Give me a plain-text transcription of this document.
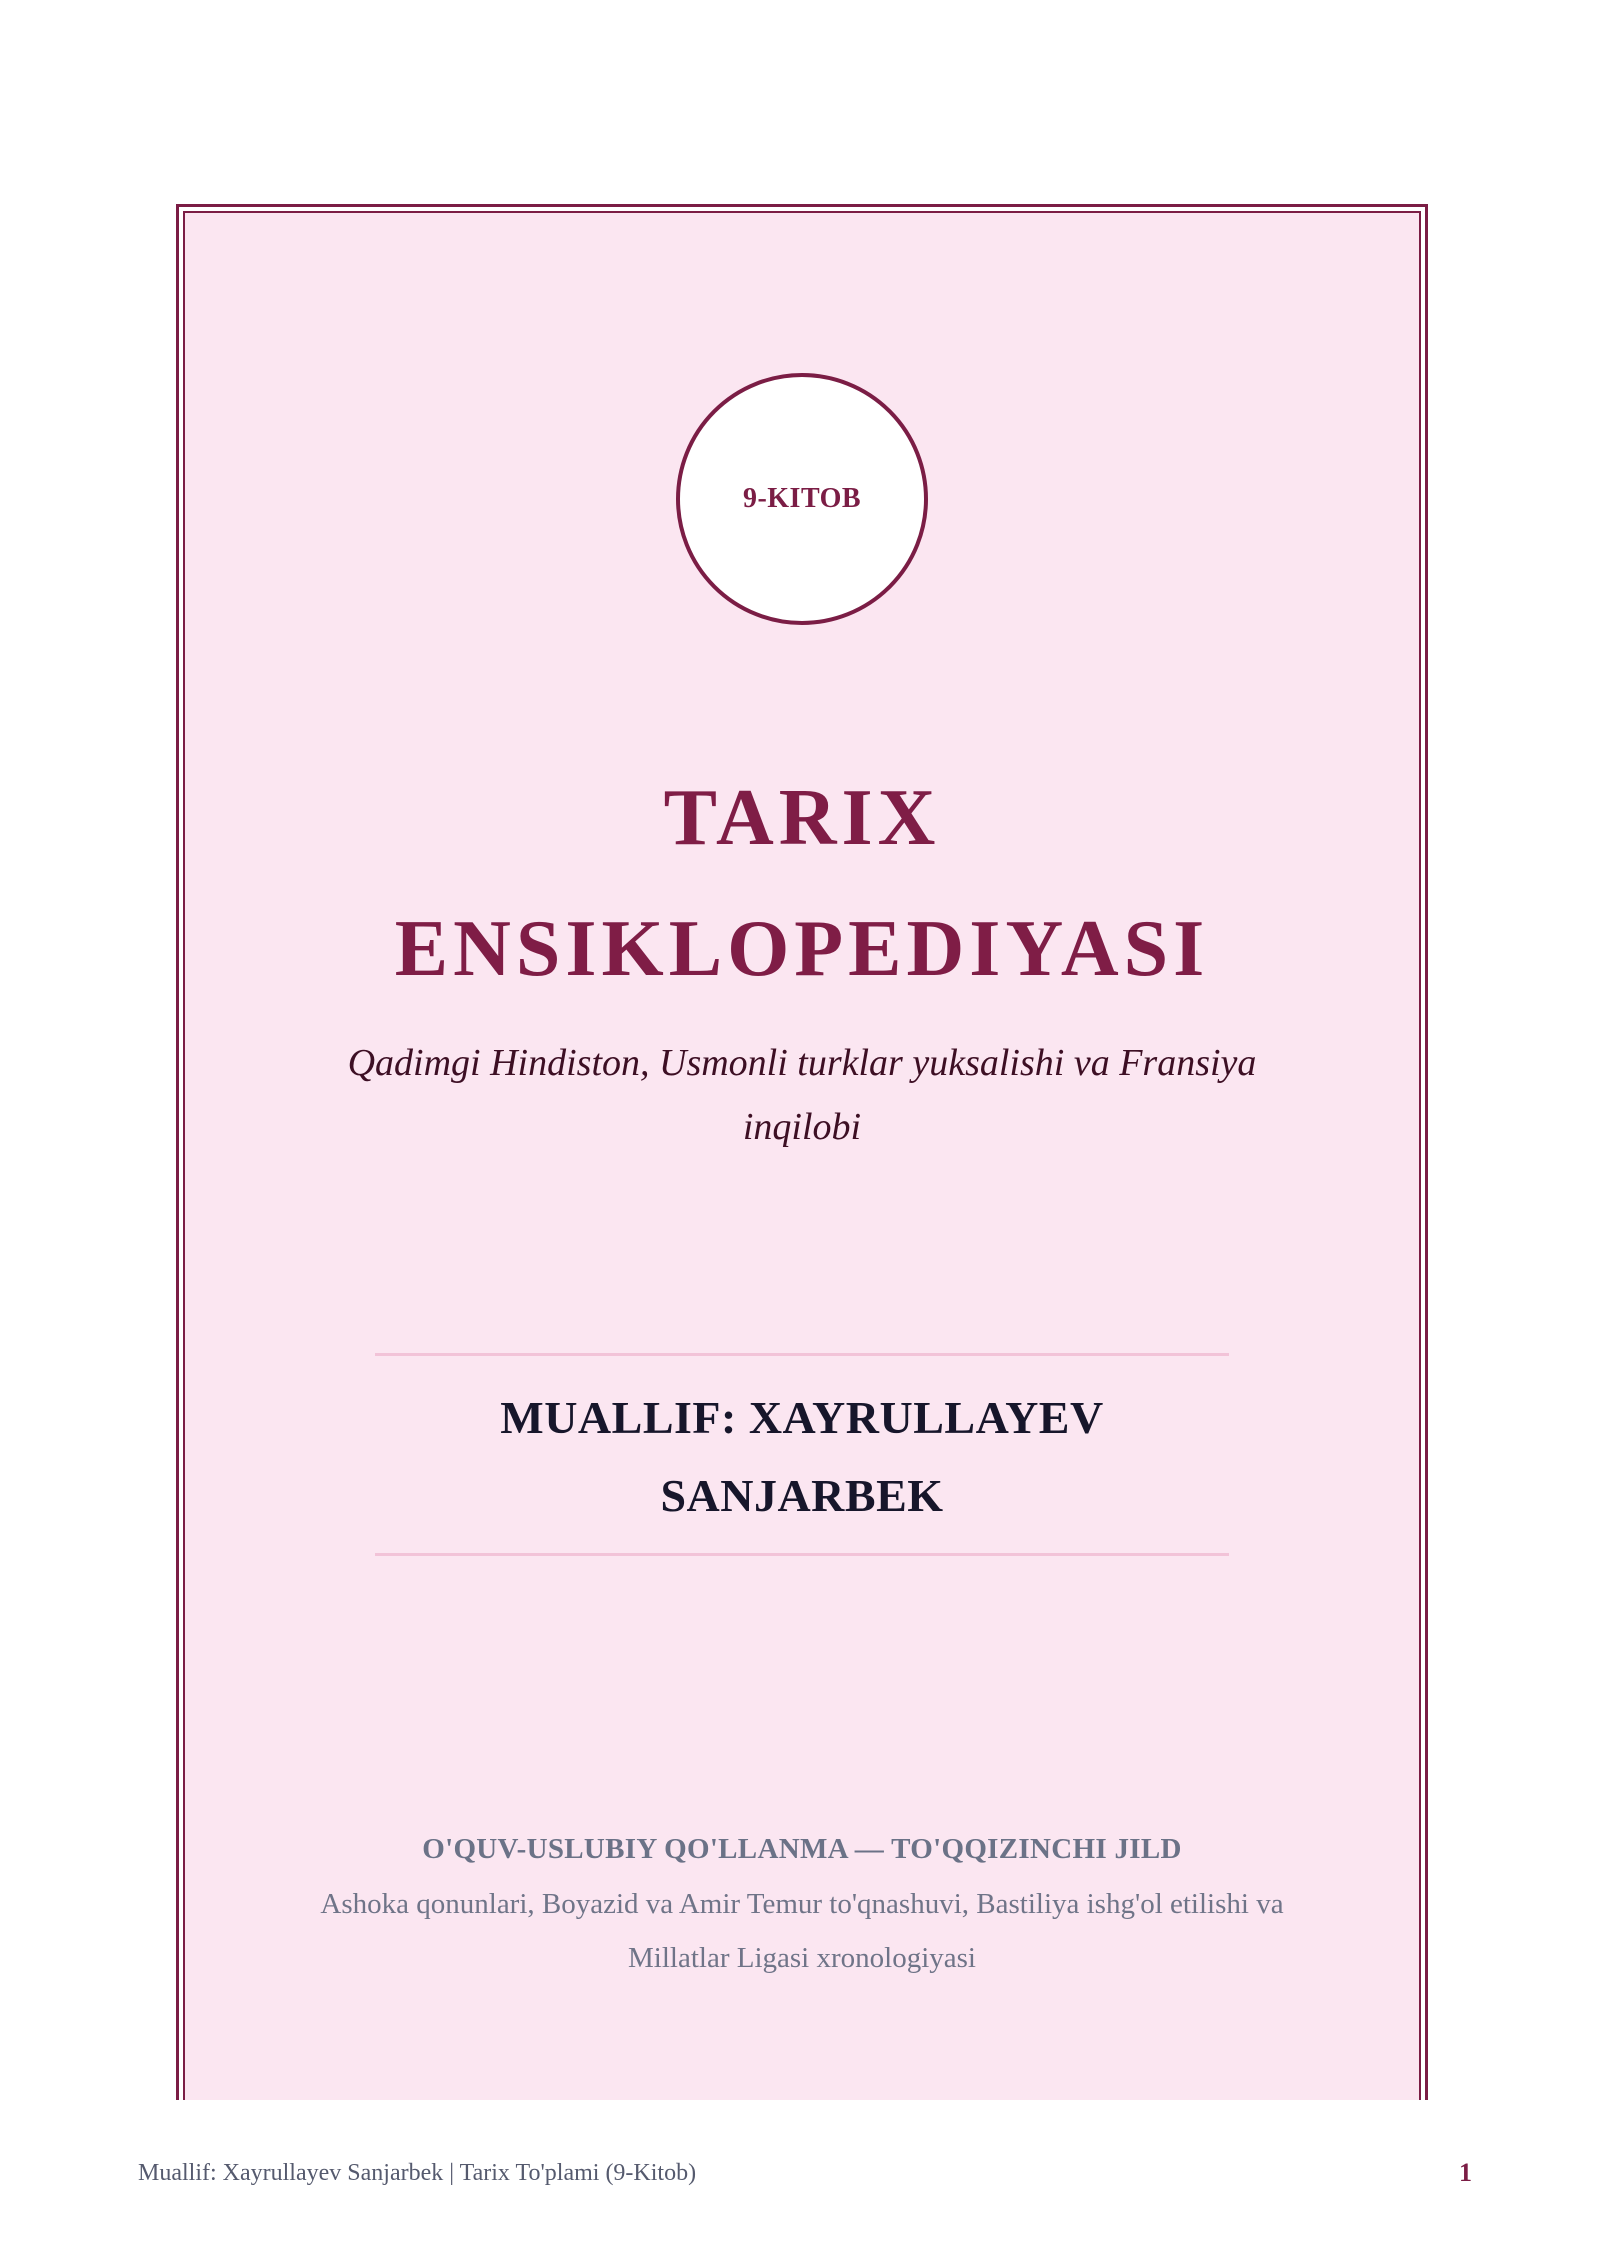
9-KITOB
TARIX
ENSIKLOPEDIYASI
Qadimgi Hindiston, Usmonli turklar yuksalishi va Fransiya inqilobi
MUALLIF: XAYRULLAYEV
SANJARBEK
O'QUV-USLUBIY QO'LLANMA — TO'QQIZINCHI JILD
Ashoka qonunlari, Boyazid va Amir Temur to'qnashuvi, Bastiliya ishg'ol etilishi va
Millatlar Ligasi xronologiyasi
Muallif: Xayrullayev Sanjarbek | Tarix To'plami (9-Kitob)	1
